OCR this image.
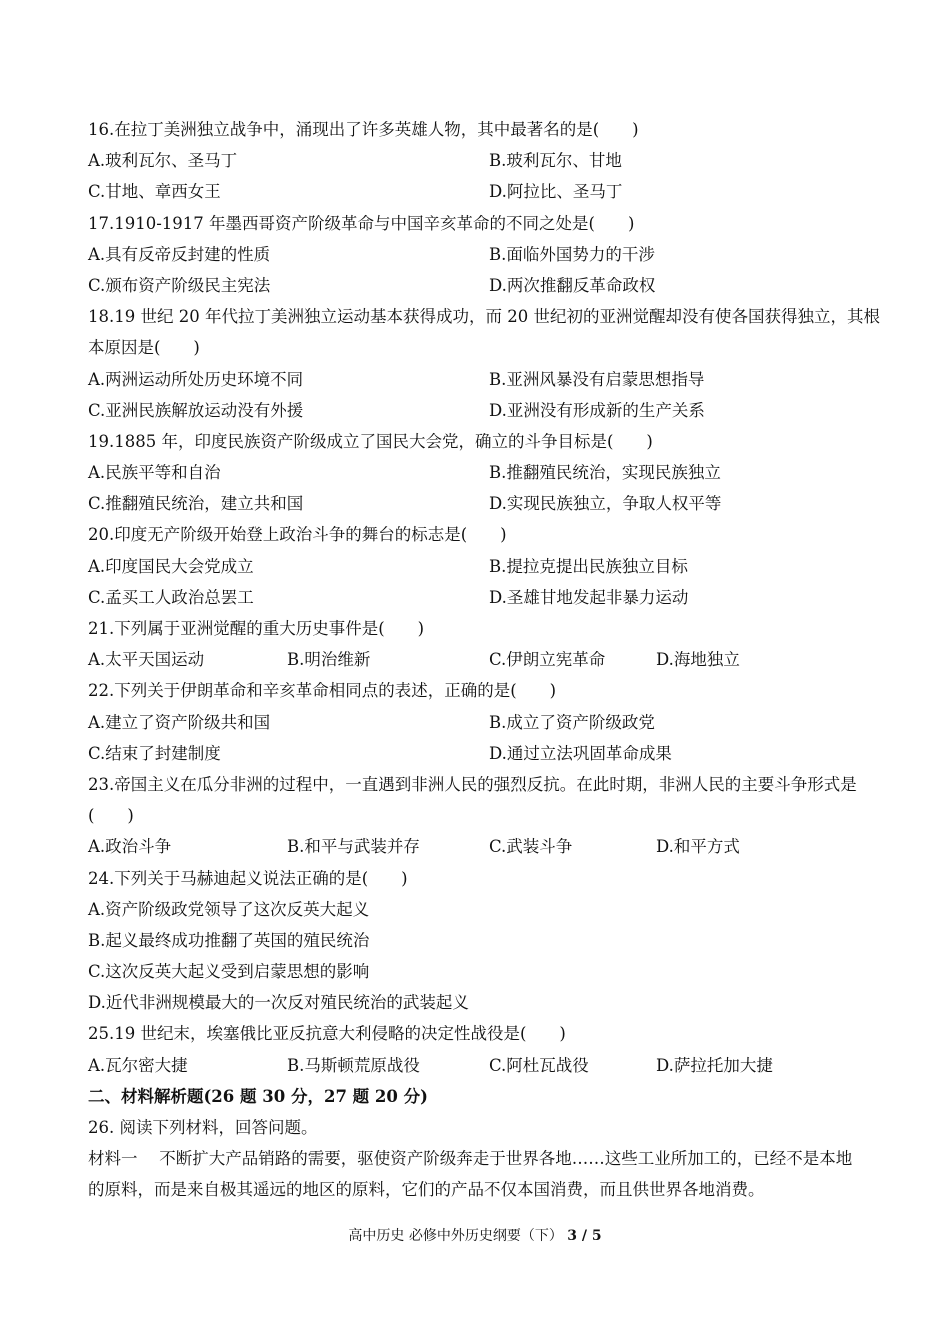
16.在拉丁美洲独立战争中，涌现出了许多英雄人物，其中最著名的是(　　)
A.玻利瓦尔、圣马丁	B.玻利瓦尔、甘地
C.甘地、章西女王	D.阿拉比、圣马丁
17.1910-1917 年墨西哥资产阶级革命与中国辛亥革命的不同之处是(　　)
A.具有反帝反封建的性质	B.面临外国势力的干涉
C.颁布资产阶级民主宪法	D.两次推翻反革命政权
18.19 世纪 20 年代拉丁美洲独立运动基本获得成功，而 20 世纪初的亚洲觉醒却没有使各国获得独立，其根
本原因是(　　)
A.两洲运动所处历史环境不同	B.亚洲风暴没有启蒙思想指导
C.亚洲民族解放运动没有外援	D.亚洲没有形成新的生产关系
19.1885 年，印度民族资产阶级成立了国民大会党，确立的斗争目标是(　　)
A.民族平等和自治	B.推翻殖民统治，实现民族独立
C.推翻殖民统治，建立共和国	D.实现民族独立，争取人权平等
20.印度无产阶级开始登上政治斗争的舞台的标志是(　　)
A.印度国民大会党成立	B.提拉克提出民族独立目标
C.孟买工人政治总罢工	D.圣雄甘地发起非暴力运动
21.下列属于亚洲觉醒的重大历史事件是(　　)
A.太平天国运动	B.明治维新	C.伊朗立宪革命	D.海地独立
22.下列关于伊朗革命和辛亥革命相同点的表述，正确的是(　　)
A.建立了资产阶级共和国	B.成立了资产阶级政党
C.结束了封建制度	D.通过立法巩固革命成果
23.帝国主义在瓜分非洲的过程中，一直遇到非洲人民的强烈反抗。在此时期，非洲人民的主要斗争形式是
(　　)
A.政治斗争	B.和平与武装并存	C.武装斗争	D.和平方式
24.下列关于马赫迪起义说法正确的是(　　)
A.资产阶级政党领导了这次反英大起义
B.起义最终成功推翻了英国的殖民统治
C.这次反英大起义受到启蒙思想的影响
D.近代非洲规模最大的一次反对殖民统治的武装起义
25.19 世纪末，埃塞俄比亚反抗意大利侵略的决定性战役是(　　)
A.瓦尔密大捷	B.马斯顿荒原战役	C.阿杜瓦战役	D.萨拉托加大捷
二、材料解析题(26 题 30 分，27 题 20 分)
26. 阅读下列材料，回答问题。
材料一　 不断扩大产品销路的需要，驱使资产阶级奔走于世界各地……这些工业所加工的，已经不是本地
的原料，而是来自极其遥远的地区的原料，它们的产品不仅本国消费，而且供世界各地消费。
高中历史 必修中外历史纲要（下） 3 / 5
